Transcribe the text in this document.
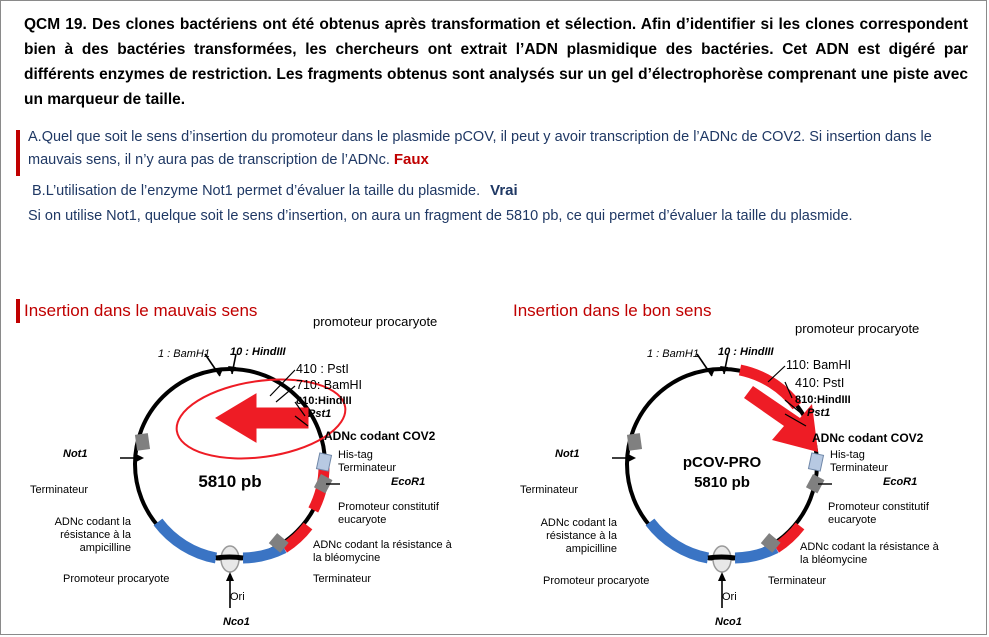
QCM 19. Des clones bactériens ont été obtenus après transformation et sélection. Afin d’identifier si les clones correspondent bien à des bactéries transformées, les chercheurs ont extrait l’ADN plasmidique des bactéries. Cet ADN est digéré par différents enzymes de restriction. Les fragments obtenus sont analysés sur un gel d’électrophorèse comprenant une piste avec un marqueur de taille.
A.Quel que soit le sens d’insertion du promoteur dans le plasmide pCOV, il peut y avoir transcription de l’ADNc de COV2. Si insertion dans le mauvais sens, il n’y aura pas de transcription de l’ADNc. Faux
B.L’utilisation de l’enzyme Not1 permet d’évaluer la taille du plasmide. Vrai
Si on utilise Not1, quelque soit le sens d’insertion, on aura un fragment de 5810 pb, ce qui permet d’évaluer la taille du plasmide.
Insertion dans le mauvais sens
promoteur procaryote
Insertion dans le bon sens
promoteur procaryote
1 : BamH1 10 : HindIII
410 : PstI
710: BamHI
810:HindIII
Pst1
ADNc codant COV2
His-tag
Terminateur
EcoR1
Promoteur constitutif eucaryote
ADNc codant la résistance à la bléomycine
Terminateur
Ori
Nco1
Promoteur procaryote
ADNc codant la résistance à la ampicilline
Terminateur
Not1
5810 pb
1 : BamH1 10 : HindIII
110: BamHI
410: PstI
810:HindIII
Pst1
ADNc codant COV2
His-tag
Terminateur
EcoR1
Promoteur constitutif eucaryote
ADNc codant la résistance à la bléomycine
Terminateur
Ori
Nco1
Promoteur procaryote
ADNc codant la résistance à la ampicilline
Terminateur
Not1	pCOV-PRO
5810 pb
